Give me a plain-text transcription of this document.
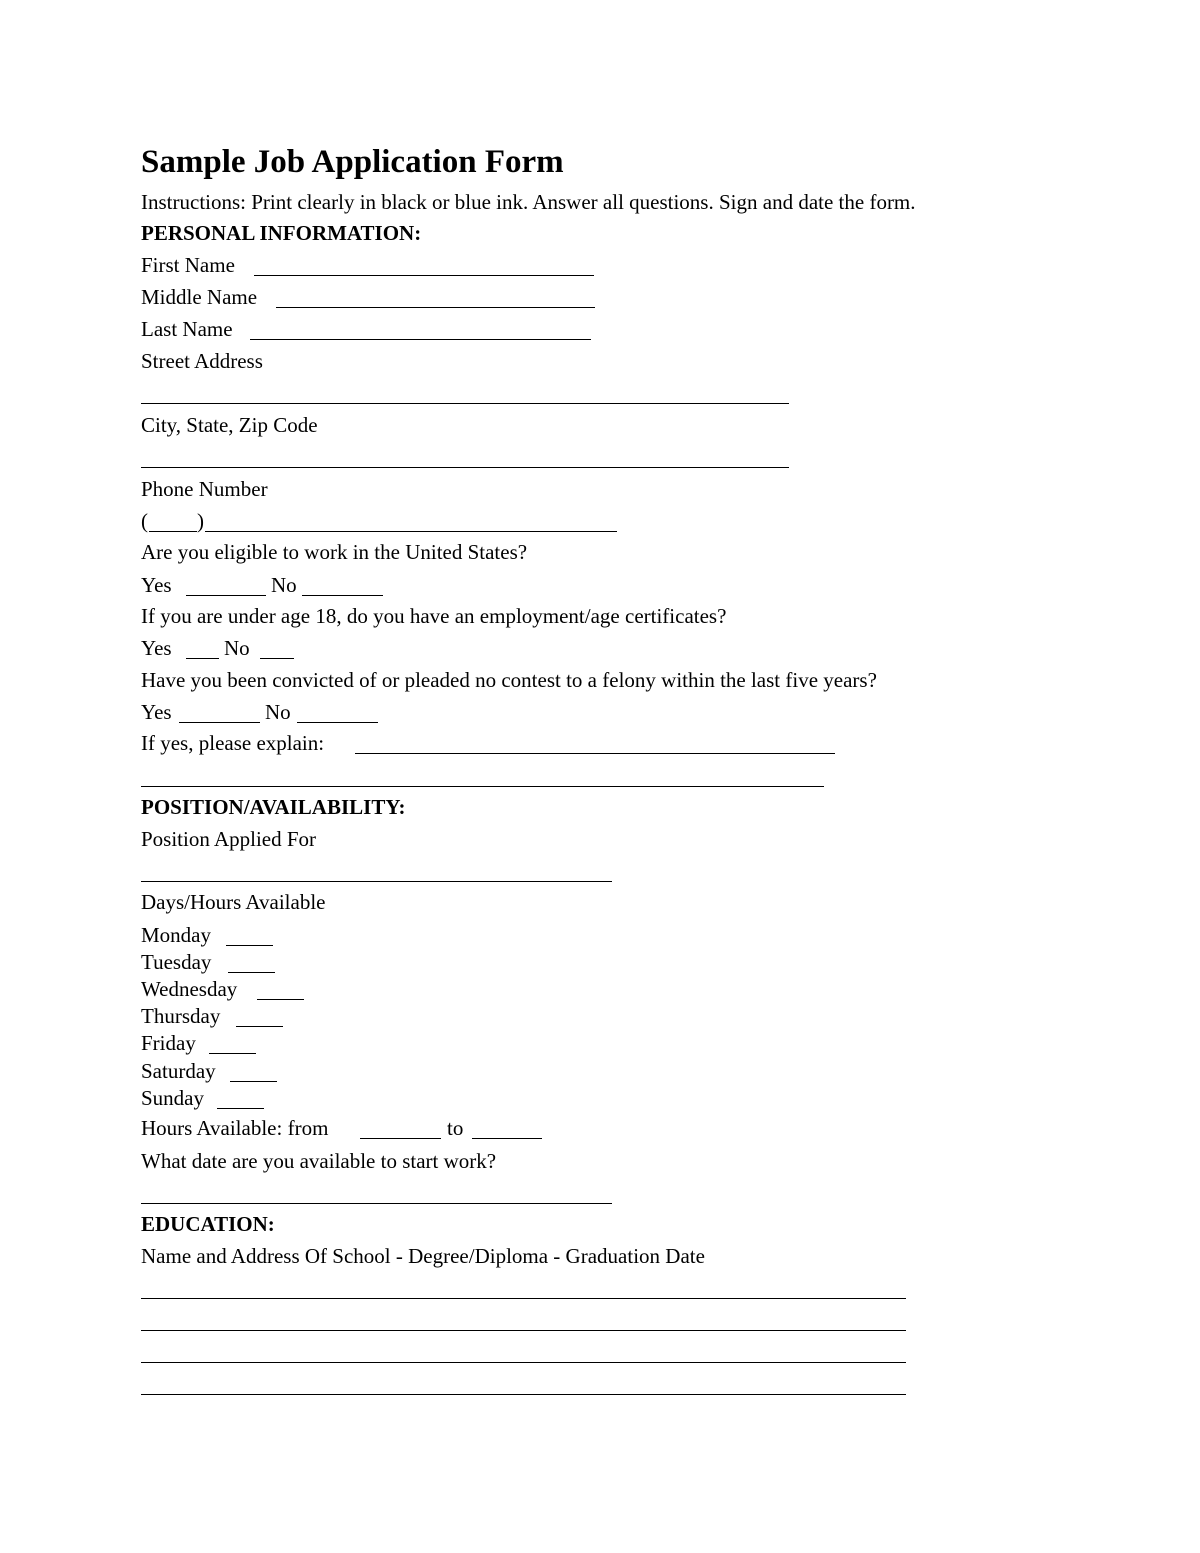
Sample Job Application Form
Instructions: Print clearly in black or blue ink. Answer all questions. Sign and date the form.
PERSONAL INFORMATION:
First Name
Middle Name
Last Name
Street Address
City, State, Zip Code
Phone Number
( )
Are you eligible to work in the United States?
Yes	No
If you are under age 18, do you have an employment/age certificates?
Yes No
Have you been convicted of or pleaded no contest to a felony within the last five years?
Yes	No
If yes, please explain:
POSITION/AVAILABILITY:
Position Applied For
Days/Hours Available
Monday
Tuesday
Wednesday
Thursday
Friday
Saturday
Sunday
Hours Available: from	to
What date are you available to start work?
EDUCATION:
Name and Address Of School - Degree/Diploma - Graduation Date
